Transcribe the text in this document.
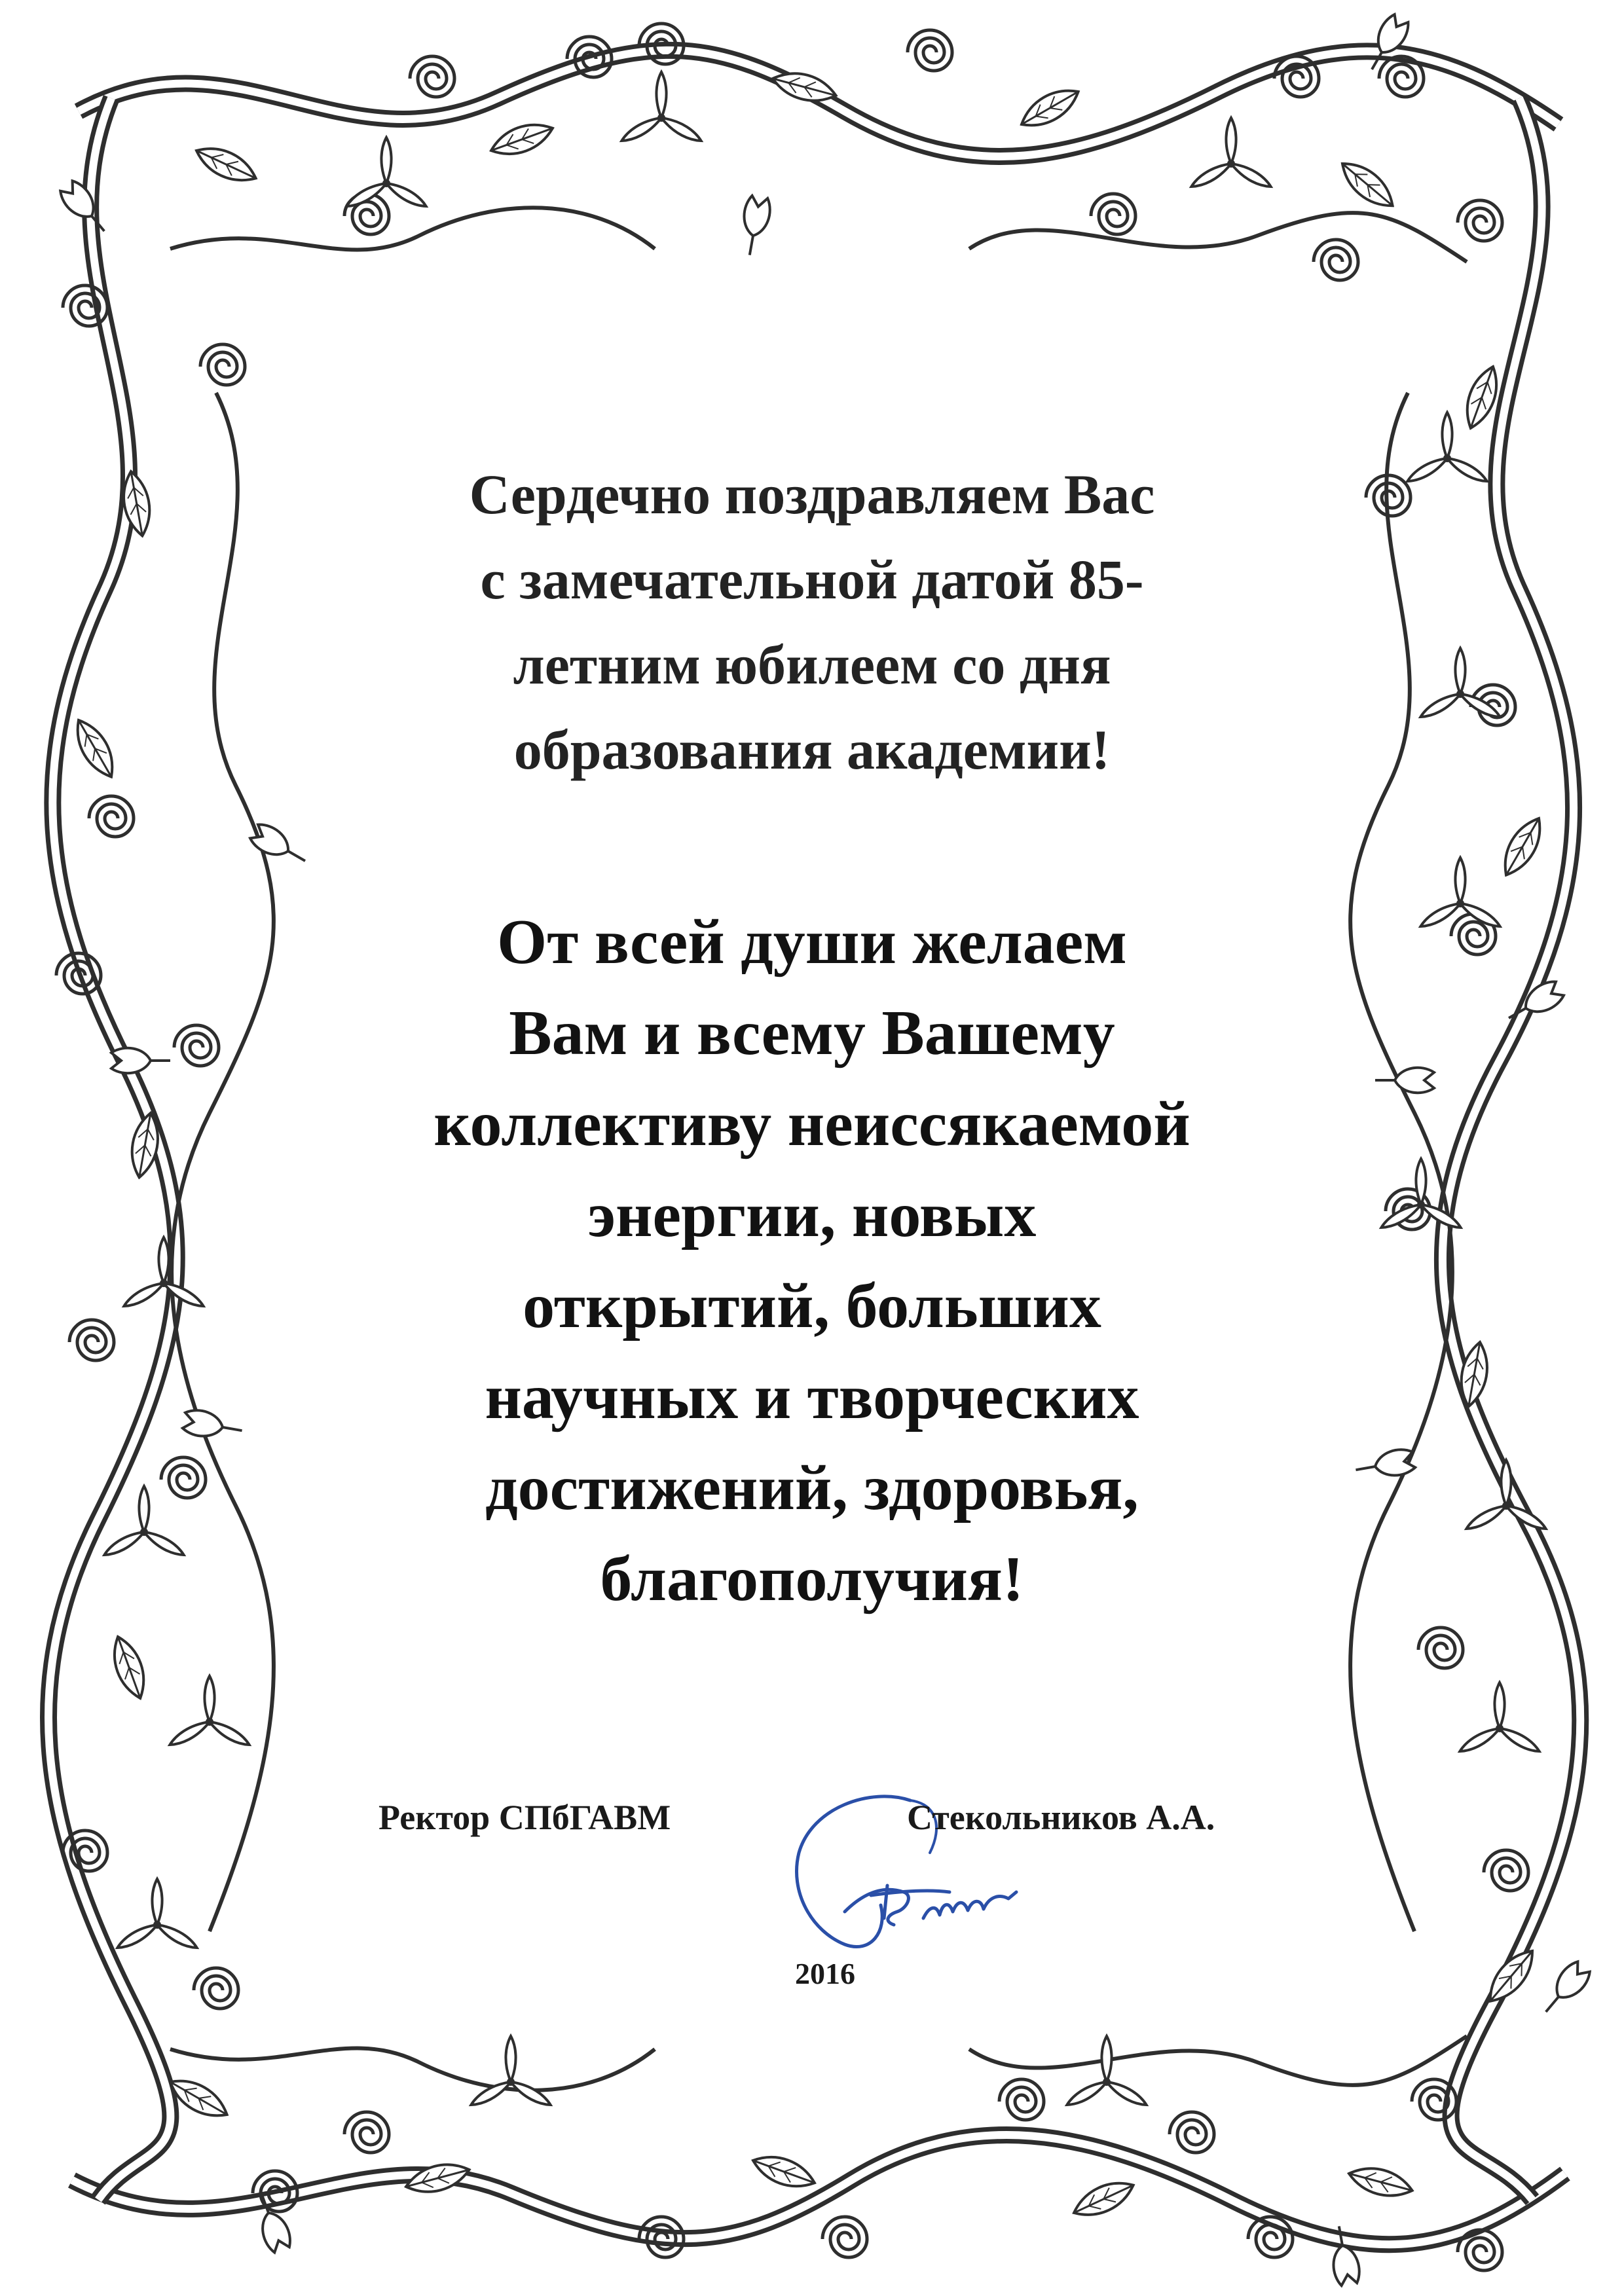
Сердечно поздравляем Вас
с замечательной датой 85-
летним юбилеем со дня
образования академии!
От всей души желаем
Вам и всему Вашему
коллективу неиссякаемой
энергии, новых
открытий, больших
научных и творческих
достижений, здоровья,
благополучия!
Ректор СПбГАВМ	Стекольников А.А.
2016
